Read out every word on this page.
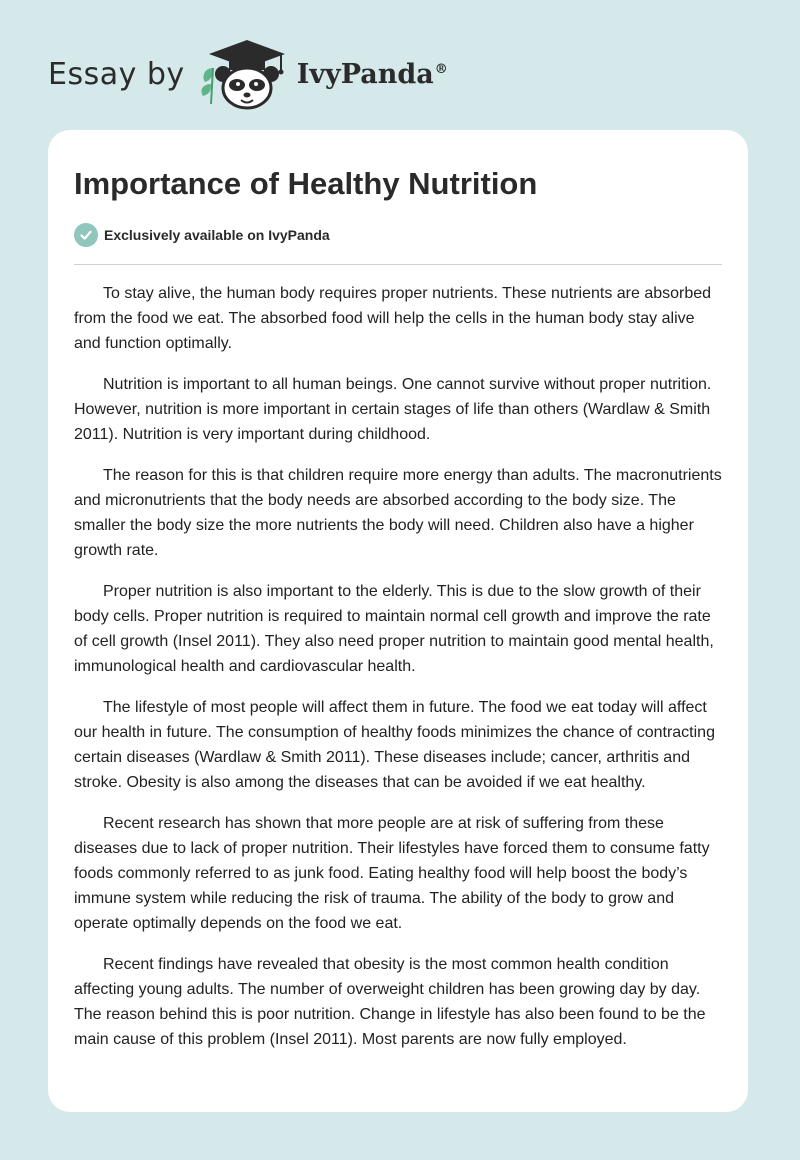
Essay by	IvyPanda®
Importance of Healthy Nutrition
Exclusively available on IvyPanda

To stay alive, the human body requires proper nutrients. These nutrients are absorbed from the food we eat. The absorbed food will help the cells in the human body stay alive and function optimally.

Nutrition is important to all human beings. One cannot survive without proper nutrition. However, nutrition is more important in certain stages of life than others (Wardlaw & Smith 2011). Nutrition is very important during childhood.

The reason for this is that children require more energy than adults. The macronutrients and micronutrients that the body needs are absorbed according to the body size. The smaller the body size the more nutrients the body will need. Children also have a higher growth rate.

Proper nutrition is also important to the elderly. This is due to the slow growth of their body cells. Proper nutrition is required to maintain normal cell growth and improve the rate of cell growth (Insel 2011). They also need proper nutrition to maintain good mental health, immunological health and cardiovascular health.

The lifestyle of most people will affect them in future. The food we eat today will affect our health in future. The consumption of healthy foods minimizes the chance of contracting certain diseases (Wardlaw & Smith 2011). These diseases include; cancer, arthritis and stroke. Obesity is also among the diseases that can be avoided if we eat healthy.

Recent research has shown that more people are at risk of suffering from these diseases due to lack of proper nutrition. Their lifestyles have forced them to consume fatty foods commonly referred to as junk food. Eating healthy food will help boost the body’s immune system while reducing the risk of trauma. The ability of the body to grow and operate optimally depends on the food we eat.

Recent findings have revealed that obesity is the most common health condition affecting young adults. The number of overweight children has been growing day by day. The reason behind this is poor nutrition. Change in lifestyle has also been found to be the main cause of this problem (Insel 2011). Most parents are now fully employed.
